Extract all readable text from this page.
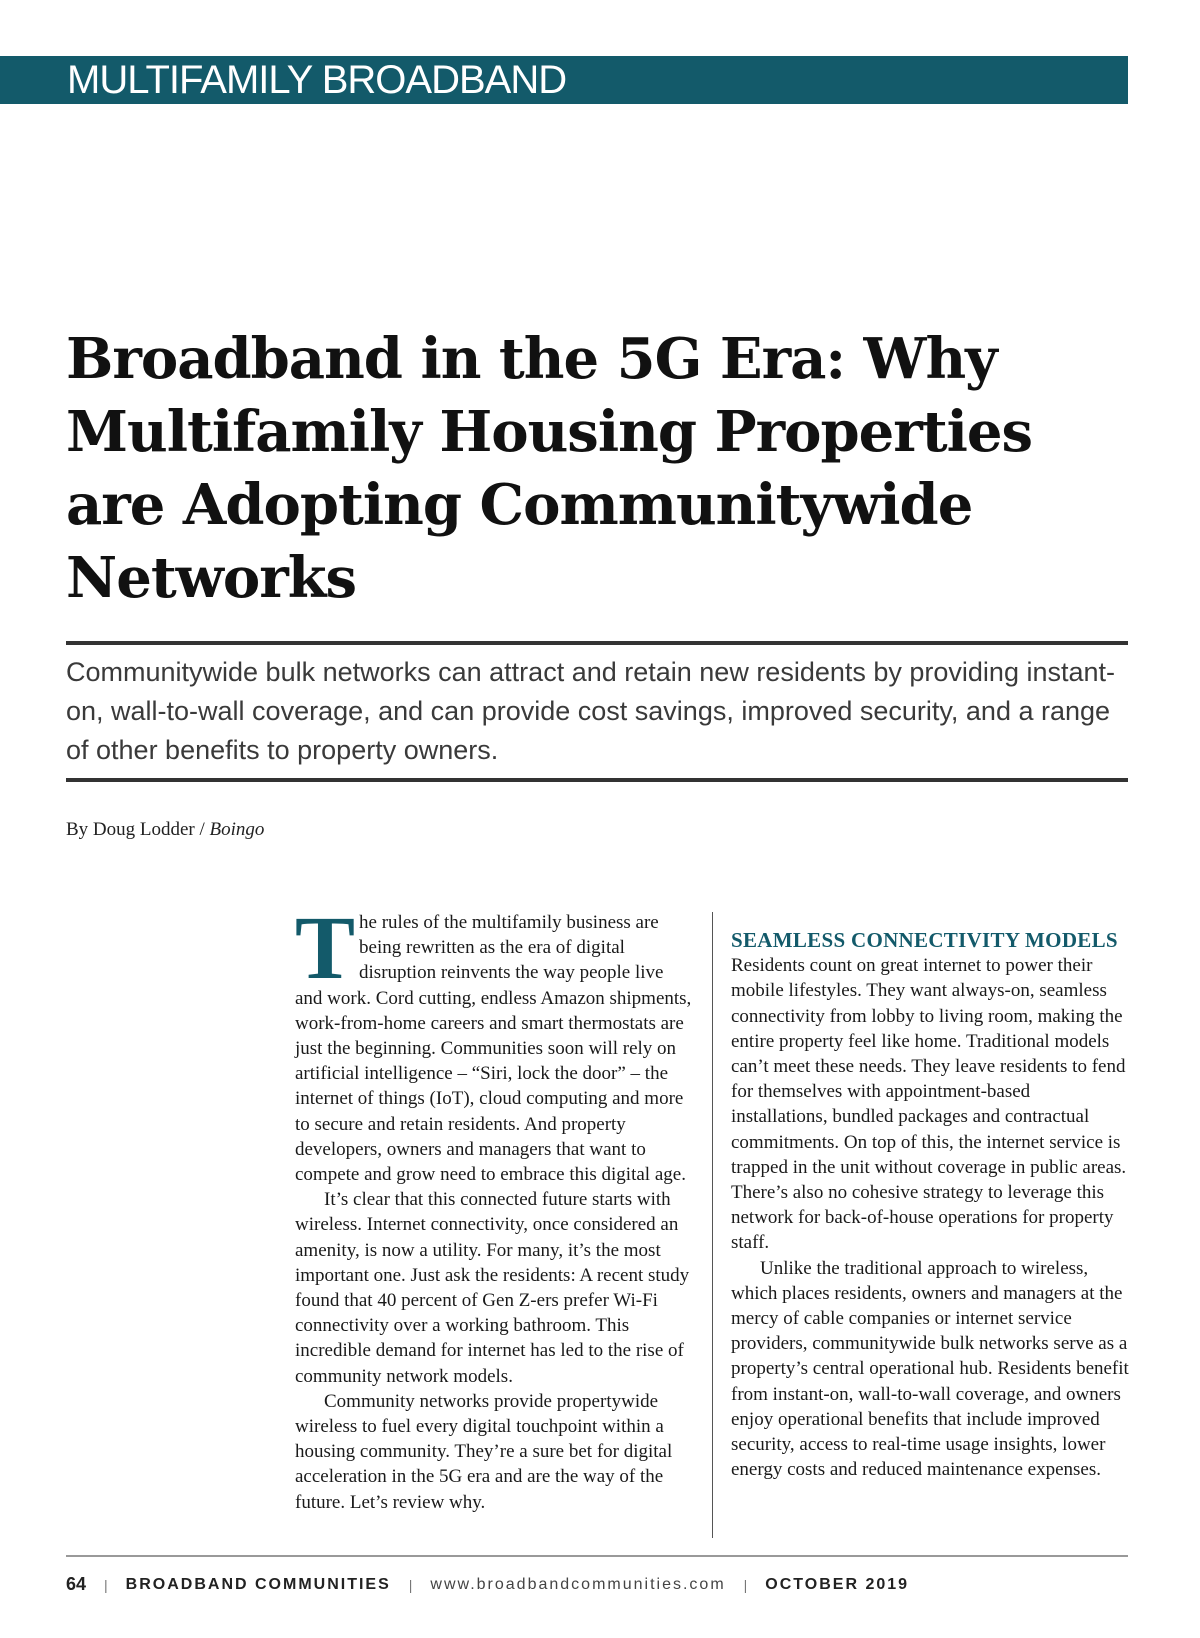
MULTIFAMILY BROADBAND
Broadband in the 5G Era: Why Multifamily Housing Properties are Adopting Communitywide Networks

Communitywide bulk networks can attract and retain new residents by providing instant-on, wall-to-wall coverage, and can provide cost savings, improved security, and a range of other benefits to property owners.

By Doug Lodder / Boingo

The rules of the multifamily business are being rewritten as the era of digital disruption reinvents the way people live and work. Cord cutting, endless Amazon shipments, work-from-home careers and smart thermostats are just the beginning. Communities soon will rely on artificial intelligence – “Siri, lock the door” – the internet of things (IoT), cloud computing and more to secure and retain residents. And property developers, owners and managers that want to compete and grow need to embrace this digital age.

It’s clear that this connected future starts with wireless. Internet connectivity, once considered an amenity, is now a utility. For many, it’s the most important one. Just ask the residents: A recent study found that 40 percent of Gen Z-ers prefer Wi-Fi connectivity over a working bathroom. This incredible demand for internet has led to the rise of community network models.

Community networks provide propertywide wireless to fuel every digital touchpoint within a housing community. They’re a sure bet for digital acceleration in the 5G era and are the way of the future. Let’s review why.

SEAMLESS CONNECTIVITY MODELS

Residents count on great internet to power their mobile lifestyles. They want always-on, seamless connectivity from lobby to living room, making the entire property feel like home. Traditional models can’t meet these needs. They leave residents to fend for themselves with appointment-based installations, bundled packages and contractual commitments. On top of this, the internet service is trapped in the unit without coverage in public areas. There’s also no cohesive strategy to leverage this network for back-of-house operations for property staff.

Unlike the traditional approach to wireless, which places residents, owners and managers at the mercy of cable companies or internet service providers, communitywide bulk networks serve as a property’s central operational hub. Residents benefit from instant-on, wall-to-wall coverage, and owners enjoy operational benefits that include improved security, access to real-time usage insights, lower energy costs and reduced maintenance expenses.

64 | BROADBAND COMMUNITIES | www.broadbandcommunities.com | OCTOBER 2019
